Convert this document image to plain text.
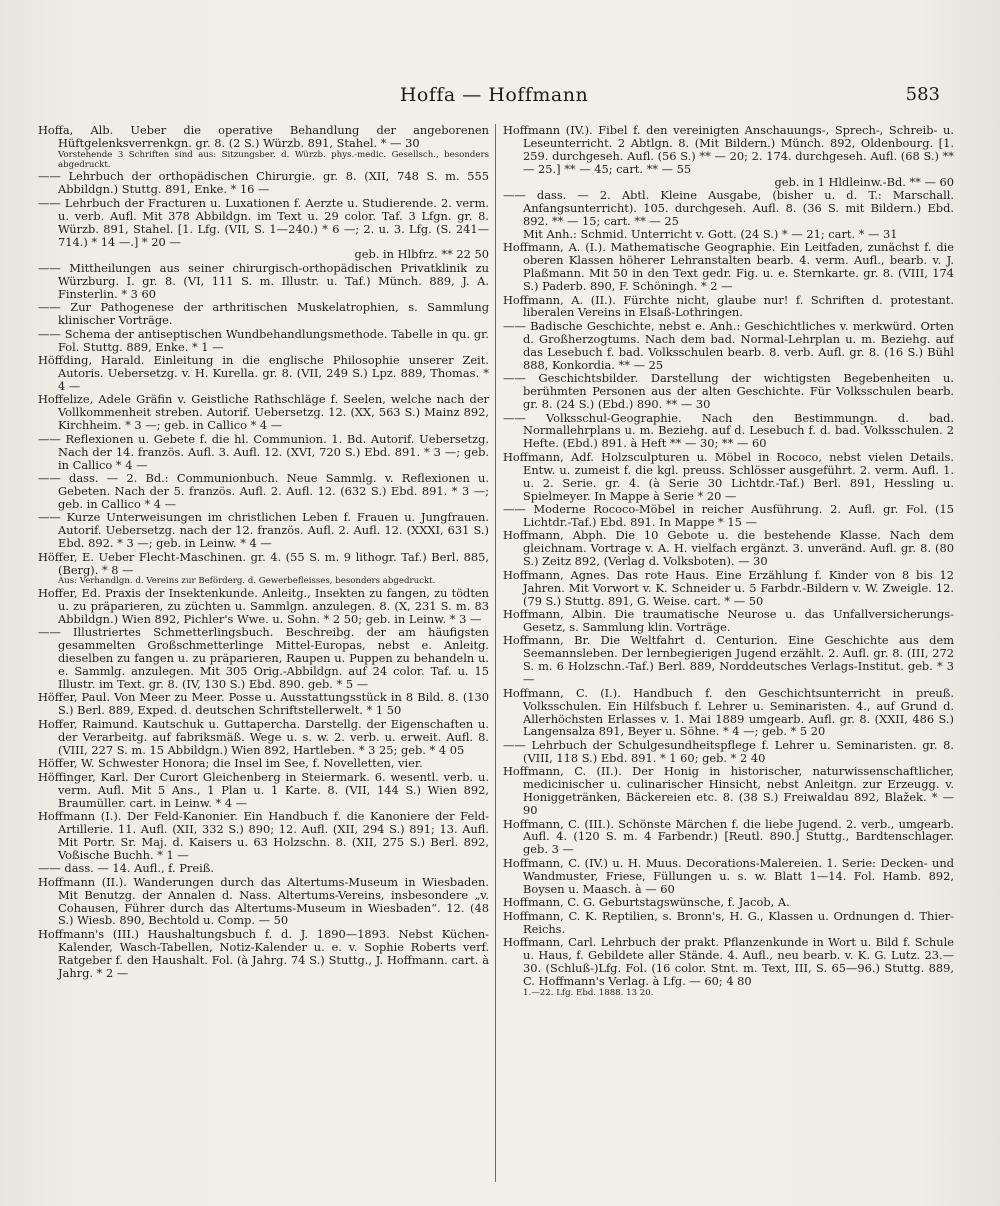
Hoffa — Hoffmann	583

Hoffa, Alb. Ueber die operative Behandlung der angeborenen Hüftgelenksverrenkgn. gr. 8. (2 S.) Würzb. 891, Stahel. * — 30
Vorstehende 3 Schriften sind aus: Sitzungsber. d. Würzb. phys.-medic. Gesellsch., besonders abgedruckt.

—— Lehrbuch der orthopädischen Chirurgie. gr. 8. (XII, 748 S. m. 555 Abbildgn.) Stuttg. 891, Enke. * 16 —

—— Lehrbuch der Fracturen u. Luxationen f. Aerzte u. Studierende. 2. verm. u. verb. Aufl. Mit 378 Abbildgn. im Text u. 29 color. Taf. 3 Lfgn. gr. 8. Würzb. 891, Stahel. [1. Lfg. (VII, S. 1—240.) * 6 —; 2. u. 3. Lfg. (S. 241—714.) * 14 —.] * 20 —
geb. in Hlbfrz. ** 22 50

—— Mittheilungen aus seiner chirurgisch-orthopädischen Privatklinik zu Würzburg. I. gr. 8. (VI, 111 S. m. Illustr. u. Taf.) Münch. 889, J. A. Finsterlin. * 3 60

—— Zur Pathogenese der arthritischen Muskelatrophien, s. Sammlung klinischer Vorträge.

—— Schema der antiseptischen Wundbehandlungsmethode. Tabelle in qu. gr. Fol. Stuttg. 889, Enke. * 1 —

Höffding, Harald. Einleitung in die englische Philosophie unserer Zeit. Autoris. Uebersetzg. v. H. Kurella. gr. 8. (VII, 249 S.) Lpz. 889, Thomas. * 4 —

Hoffelize, Adele Gräfin v. Geistliche Rathschläge f. Seelen, welche nach der Vollkommenheit streben. Autorif. Uebersetzg. 12. (XX, 563 S.) Mainz 892, Kirchheim. * 3 —; geb. in Callico * 4 —

—— Reflexionen u. Gebete f. die hl. Communion. 1. Bd. Autorif. Uebersetzg. Nach der 14. französ. Aufl. 3. Aufl. 12. (XVI, 720 S.) Ebd. 891. * 3 —; geb. in Callico * 4 —

—— dass. — 2. Bd.: Communionbuch. Neue Sammlg. v. Reflexionen u. Gebeten. Nach der 5. französ. Aufl. 2. Aufl. 12. (632 S.) Ebd. 891. * 3 —; geb. in Callico * 4 —

—— Kurze Unterweisungen im christlichen Leben f. Frauen u. Jungfrauen. Autorif. Uebersetzg. nach der 12. französ. Aufl. 2. Aufl. 12. (XXXI, 631 S.) Ebd. 892. * 3 —; geb. in Leinw. * 4 —

Höffer, E. Ueber Flecht-Maschinen. gr. 4. (55 S. m. 9 lithogr. Taf.) Berl. 885, (Berg). * 8 —
Aus: Verhandlgn. d. Vereins zur Beförderg. d. Gewerbefleisses, besonders abgedruckt.

Hoffer, Ed. Praxis der Insektenkunde. Anleitg., Insekten zu fangen, zu tödten u. zu präparieren, zu züchten u. Sammlgn. anzulegen. 8. (X, 231 S. m. 83 Abbildgn.) Wien 892, Pichler's Wwe. u. Sohn. * 2 50; geb. in Leinw. * 3 —

—— Illustriertes Schmetterlingsbuch. Beschreibg. der am häufigsten gesammelten Großschmetterlinge Mittel-Europas, nebst e. Anleitg. dieselben zu fangen u. zu präparieren, Raupen u. Puppen zu behandeln u. e. Sammlg. anzulegen. Mit 305 Orig.-Abbildgn. auf 24 color. Taf. u. 15 Illustr. im Text. gr. 8. (IV, 130 S.) Ebd. 890. geb. * 5 —

Höffer, Paul. Von Meer zu Meer. Posse u. Ausstattungsstück in 8 Bild. 8. (130 S.) Berl. 889, Exped. d. deutschen Schriftstellerwelt. * 1 50

Hoffer, Raimund. Kautschuk u. Guttapercha. Darstellg. der Eigenschaften u. der Verarbeitg. auf fabriksmäß. Wege u. s. w. 2. verb. u. erweit. Aufl. 8. (VIII, 227 S. m. 15 Abbildgn.) Wien 892, Hartleben. * 3 25; geb. * 4 05

Höffer, W. Schwester Honora; die Insel im See, f. Novelletten, vier.

Höffinger, Karl. Der Curort Gleichenberg in Steiermark. 6. wesentl. verb. u. verm. Aufl. Mit 5 Ans., 1 Plan u. 1 Karte. 8. (VII, 144 S.) Wien 892, Braumüller. cart. in Leinw. * 4 —

Hoffmann (I.). Der Feld-Kanonier. Ein Handbuch f. die Kanoniere der Feld-Artillerie. 11. Aufl. (XII, 332 S.) 890; 12. Aufl. (XII, 294 S.) 891; 13. Aufl. Mit Portr. Sr. Maj. d. Kaisers u. 63 Holzschn. 8. (XII, 275 S.) Berl. 892, Voßische Buchh. * 1 —

—— dass. — 14. Aufl., f. Preiß.

Hoffmann (II.). Wanderungen durch das Altertums-Museum in Wiesbaden. Mit Benutzg. der Annalen d. Nass. Altertums-Vereins, insbesondere „v. Cohausen, Führer durch das Altertums-Museum in Wiesbaden“. 12. (48 S.) Wiesb. 890, Bechtold u. Comp. — 50

Hoffmann's (III.) Haushaltungsbuch f. d. J. 1890—1893. Nebst Küchen-Kalender, Wasch-Tabellen, Notiz-Kalender u. e. v. Sophie Roberts verf. Ratgeber f. den Haushalt. Fol. (à Jahrg. 74 S.) Stuttg., J. Hoffmann. cart. à Jahrg. * 2 —

Hoffmann (IV.). Fibel f. den vereinigten Anschauungs-, Sprech-, Schreib- u. Leseunterricht. 2 Abtlgn. 8. (Mit Bildern.) Münch. 892, Oldenbourg. [1. 259. durchgeseh. Aufl. (56 S.) ** — 20; 2. 174. durchgeseh. Aufl. (68 S.) ** — 25.] ** — 45; cart. ** — 55
geb. in 1 Hldleinw.-Bd. ** — 60

—— dass. — 2. Abtl. Kleine Ausgabe, (bisher u. d. T.: Marschall. Anfangsunterricht). 105. durchgeseh. Aufl. 8. (36 S. mit Bildern.) Ebd. 892. ** — 15; cart. ** — 25
Mit Anh.: Schmid. Unterricht v. Gott. (24 S.) * — 21; cart. * — 31

Hoffmann, A. (I.). Mathematische Geographie. Ein Leitfaden, zunächst f. die oberen Klassen höherer Lehranstalten bearb. 4. verm. Aufl., bearb. v. J. Plaßmann. Mit 50 in den Text gedr. Fig. u. e. Sternkarte. gr. 8. (VIII, 174 S.) Paderb. 890, F. Schöningh. * 2 —

Hoffmann, A. (II.). Fürchte nicht, glaube nur! f. Schriften d. protestant. liberalen Vereins in Elsaß-Lothringen.

—— Badische Geschichte, nebst e. Anh.: Geschichtliches v. merkwürd. Orten d. Großherzogtums. Nach dem bad. Normal-Lehrplan u. m. Beziehg. auf das Lesebuch f. bad. Volksschulen bearb. 8. verb. Aufl. gr. 8. (16 S.) Bühl 888, Konkordia. ** — 25

—— Geschichtsbilder. Darstellung der wichtigsten Begebenheiten u. berühmten Personen aus der alten Geschichte. Für Volksschulen bearb. gr. 8. (24 S.) (Ebd.) 890. ** — 30

—— Volksschul-Geographie. Nach den Bestimmungn. d. bad. Normallehrplans u. m. Beziehg. auf d. Lesebuch f. d. bad. Volksschulen. 2 Hefte. (Ebd.) 891. à Heft ** — 30; ** — 60

Hoffmann, Adf. Holzsculpturen u. Möbel in Rococo, nebst vielen Details. Entw. u. zumeist f. die kgl. preuss. Schlösser ausgeführt. 2. verm. Aufl. 1. u. 2. Serie. gr. 4. (à Serie 30 Lichtdr.-Taf.) Berl. 891, Hessling u. Spielmeyer. In Mappe à Serie * 20 —

—— Moderne Rococo-Möbel in reicher Ausführung. 2. Aufl. gr. Fol. (15 Lichtdr.-Taf.) Ebd. 891. In Mappe * 15 —

Hoffmann, Abph. Die 10 Gebote u. die bestehende Klasse. Nach dem gleichnam. Vortrage v. A. H. vielfach ergänzt. 3. unveränd. Aufl. gr. 8. (80 S.) Zeitz 892, (Verlag d. Volksboten). — 30

Hoffmann, Agnes. Das rote Haus. Eine Erzählung f. Kinder von 8 bis 12 Jahren. Mit Vorwort v. K. Schneider u. 5 Farbdr.-Bildern v. W. Zweigle. 12. (79 S.) Stuttg. 891, G. Weise. cart. * — 50

Hoffmann, Albin. Die traumatische Neurose u. das Unfallversicherungs-Gesetz, s. Sammlung klin. Vorträge.

Hoffmann, Br. Die Weltfahrt d. Centurion. Eine Geschichte aus dem Seemannsleben. Der lernbegierigen Jugend erzählt. 2. Aufl. gr. 8. (III, 272 S. m. 6 Holzschn.-Taf.) Berl. 889, Norddeutsches Verlags-Institut. geb. * 3 —

Hoffmann, C. (I.). Handbuch f. den Geschichtsunterricht in preuß. Volksschulen. Ein Hilfsbuch f. Lehrer u. Seminaristen. 4., auf Grund d. Allerhöchsten Erlasses v. 1. Mai 1889 umgearb. Aufl. gr. 8. (XXII, 486 S.) Langensalza 891, Beyer u. Söhne. * 4 —; geb. * 5 20

—— Lehrbuch der Schulgesundheitspflege f. Lehrer u. Seminaristen. gr. 8. (VIII, 118 S.) Ebd. 891. * 1 60; geb. * 2 40

Hoffmann, C. (II.). Der Honig in historischer, naturwissenschaftlicher, medicinischer u. culinarischer Hinsicht, nebst Anleitgn. zur Erzeugg. v. Honiggetränken, Bäckereien etc. 8. (38 S.) Freiwaldau 892, Blažek. * — 90

Hoffmann, C. (III.). Schönste Märchen f. die liebe Jugend. 2. verb., umgearb. Aufl. 4. (120 S. m. 4 Farbendr.) [Reutl. 890.] Stuttg., Bardtenschlager. geb. 3 —

Hoffmann, C. (IV.) u. H. Muus. Decorations-Malereien. 1. Serie: Decken- und Wandmuster, Friese, Füllungen u. s. w. Blatt 1—14. Fol. Hamb. 892, Boysen u. Maasch. à — 60

Hoffmann, C. G. Geburtstagswünsche, f. Jacob, A.

Hoffmann, C. K. Reptilien, s. Bronn's, H. G., Klassen u. Ordnungen d. Thier-Reichs.

Hoffmann, Carl. Lehrbuch der prakt. Pflanzenkunde in Wort u. Bild f. Schule u. Haus, f. Gebildete aller Stände. 4. Aufl., neu bearb. v. K. G. Lutz. 23.—30. (Schluß-)Lfg. Fol. (16 color. Stnt. m. Text, III, S. 65—96.) Stuttg. 889, C. Hoffmann's Verlag. à Lfg. — 60; 4 80
1.—22. Lfg. Ebd. 1888. 13 20.
